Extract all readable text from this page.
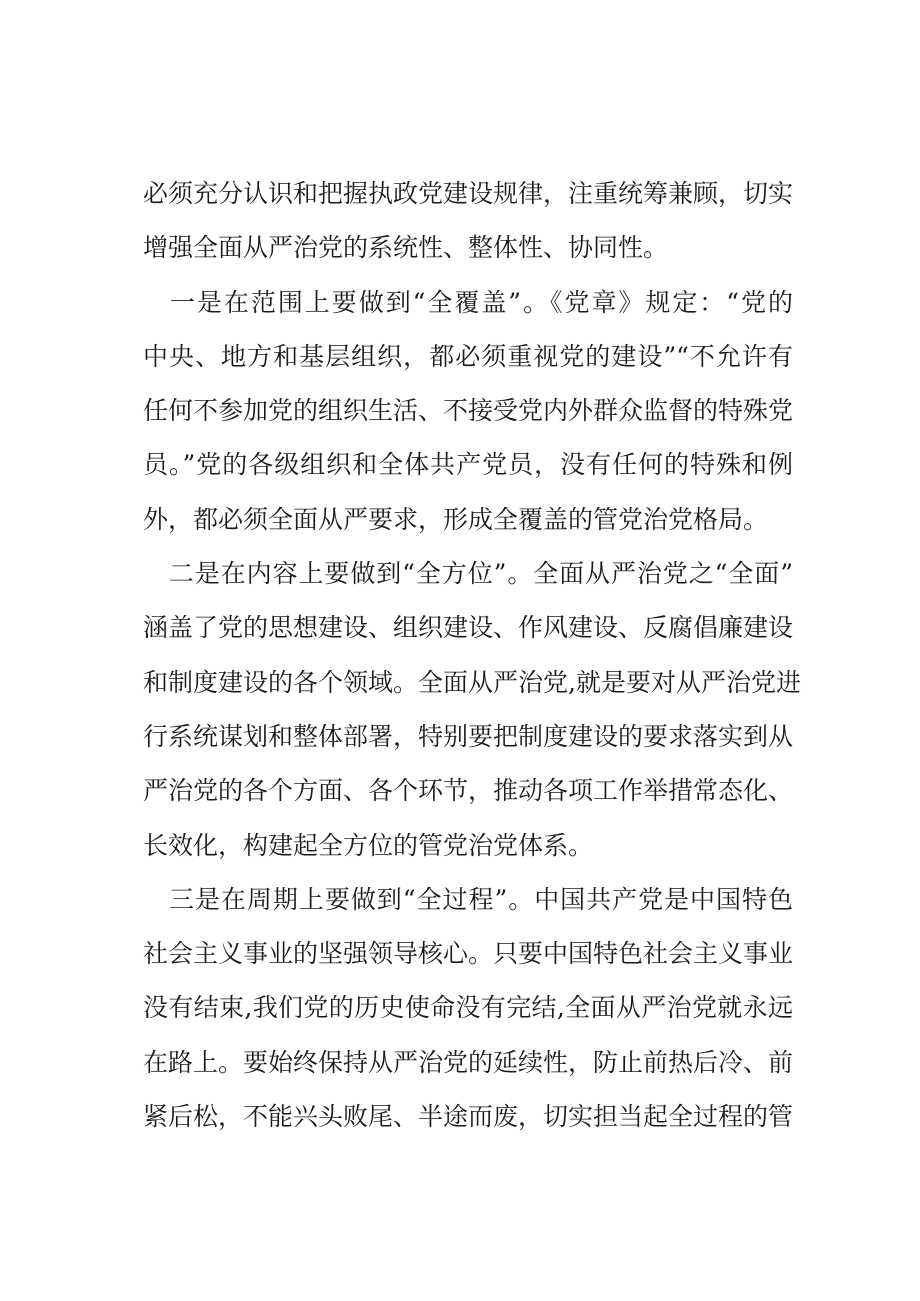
必须充分认识和把握执政党建设规律，注重统筹兼顾，切实
增强全面从严治党的系统性、整体性、协同性。
一是在范围上要做到“全覆盖”。《党章》规定：“党的
中央、地方和基层组织，都必须重视党的建设”“不允许有
任何不参加党的组织生活、不接受党内外群众监督的特殊党
员。”党的各级组织和全体共产党员，没有任何的特殊和例
外，都必须全面从严要求，形成全覆盖的管党治党格局。
二是在内容上要做到“全方位”。全面从严治党之“全面”
涵盖了党的思想建设、组织建设、作风建设、反腐倡廉建设
和制度建设的各个领域。全面从严治党,就是要对从严治党进
行系统谋划和整体部署，特别要把制度建设的要求落实到从
严治党的各个方面、各个环节，推动各项工作举措常态化、
长效化，构建起全方位的管党治党体系。
三是在周期上要做到“全过程”。中国共产党是中国特色
社会主义事业的坚强领导核心。只要中国特色社会主义事业
没有结束,我们党的历史使命没有完结,全面从严治党就永远
在路上。要始终保持从严治党的延续性，防止前热后冷、前
紧后松，不能兴头败尾、半途而废，切实担当起全过程的管
